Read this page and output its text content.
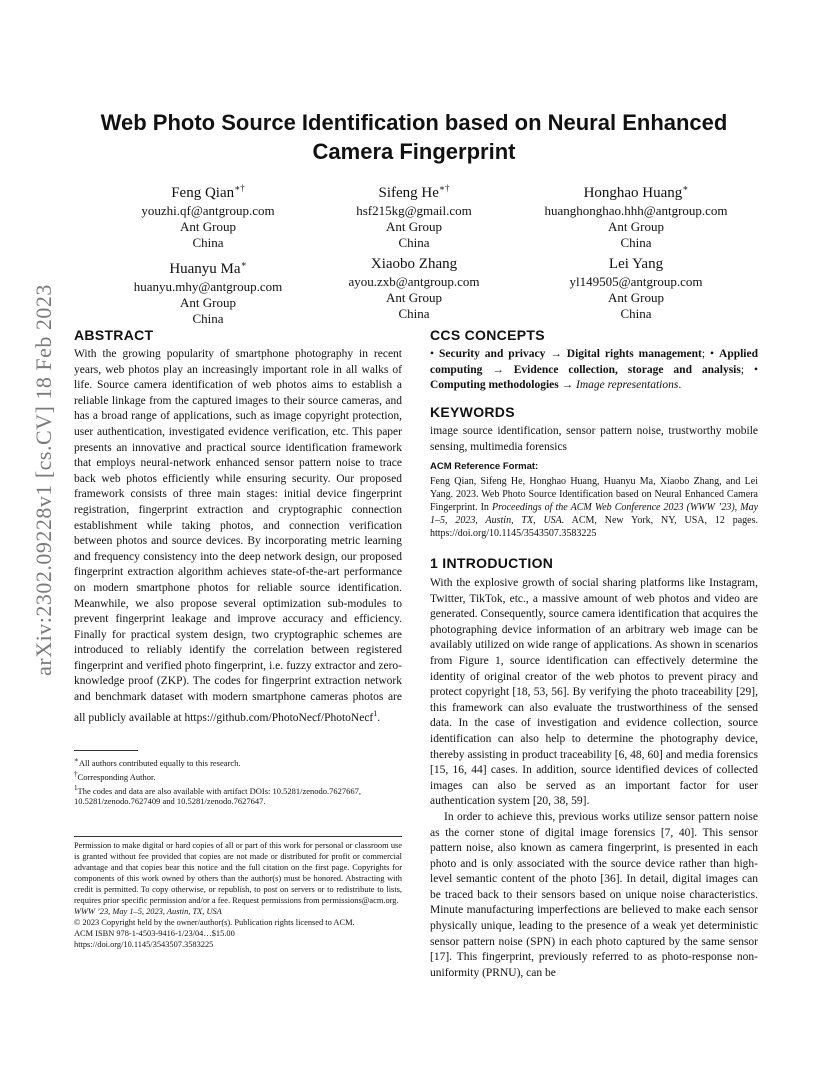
arXiv:2302.09228v1 [cs.CV] 18 Feb 2023
Web Photo Source Identification based on Neural Enhanced
Camera Fingerprint
Feng Qian∗†
youzhi.qf@antgroup.com
Ant Group
China
Sifeng He∗†
hsf215kg@gmail.com
Ant Group
China
Honghao Huang∗
huanghonghao.hhh@antgroup.com
Ant Group
China
Huanyu Ma∗
huanyu.mhy@antgroup.com
Ant Group
China
Xiaobo Zhang
ayou.zxb@antgroup.com
Ant Group
China
Lei Yang
yl149505@antgroup.com
Ant Group
China
ABSTRACT

With the growing popularity of smartphone photography in recent years, web photos play an increasingly important role in all walks of life. Source camera identification of web photos aims to establish a reliable linkage from the captured images to their source cameras, and has a broad range of applications, such as image copyright protection, user authentication, investigated evidence verification, etc. This paper presents an innovative and practical source identification framework that employs neural-network enhanced sensor pattern noise to trace back web photos efficiently while ensuring security. Our proposed framework consists of three main stages: initial device fingerprint registration, fingerprint extraction and cryptographic connection establishment while taking photos, and connection verification between photos and source devices. By incorporating metric learning and frequency consistency into the deep network design, our proposed fingerprint extraction algorithm achieves state-of-the-art performance on modern smartphone photos for reliable source identification. Meanwhile, we also propose several optimization sub-modules to prevent fingerprint leakage and improve accuracy and efficiency. Finally for practical system design, two cryptographic schemes are introduced to reliably identify the correlation between registered fingerprint and verified photo fingerprint, i.e. fuzzy extractor and zero-knowledge proof (ZKP). The codes for fingerprint extraction network and benchmark dataset with modern smartphone cameras photos are all publicly available at https://github.com/PhotoNecf/PhotoNecf$^1$.

∗All authors contributed equally to this research.
†Corresponding Author.
$^1$The codes and data are also available with artifact DOIs: 10.5281/zenodo.7627667, 10.5281/zenodo.7627409 and 10.5281/zenodo.7627647.

Permission to make digital or hard copies of all or part of this work for personal or classroom use is granted without fee provided that copies are not made or distributed for profit or commercial advantage and that copies bear this notice and the full citation on the first page. Copyrights for components of this work owned by others than the author(s) must be honored. Abstracting with credit is permitted. To copy otherwise, or republish, to post on servers or to redistribute to lists, requires prior specific permission and/or a fee. Request permissions from permissions@acm.org.

WWW ’23, May 1–5, 2023, Austin, TX, USA

© 2023 Copyright held by the owner/author(s). Publication rights licensed to ACM.

ACM ISBN 978-1-4503-9416-1/23/04…$15.00

https://doi.org/10.1145/3543507.3583225

CCS CONCEPTS

• Security and privacy → Digital rights management; • Applied computing → Evidence collection, storage and analysis; • Computing methodologies → Image representations.

KEYWORDS
image source identification, sensor pattern noise, trustworthy mobile sensing, multimedia forensics
ACM Reference Format:
Feng Qian, Sifeng He, Honghao Huang, Huanyu Ma, Xiaobo Zhang, and Lei Yang. 2023. Web Photo Source Identification based on Neural Enhanced Camera Fingerprint. In Proceedings of the ACM Web Conference 2023 (WWW ’23), May 1–5, 2023, Austin, TX, USA. ACM, New York, NY, USA, 12 pages. https://doi.org/10.1145/3543507.3583225
1 INTRODUCTION

With the explosive growth of social sharing platforms like Instagram, Twitter, TikTok, etc., a massive amount of web photos and video are generated. Consequently, source camera identification that acquires the photographing device information of an arbitrary web image can be availably utilized on wide range of applications. As shown in scenarios from Figure 1, source identification can effectively determine the identity of original creator of the web photos to prevent piracy and protect copyright [18, 53, 56]. By verifying the photo traceability [29], this framework can also evaluate the trustworthiness of the sensed data. In the case of investigation and evidence collection, source identification can also help to determine the photography device, thereby assisting in product traceability [6, 48, 60] and media forensics [15, 16, 44] cases. In addition, source identified devices of collected images can also be served as an important factor for user authentication system [20, 38, 59].

In order to achieve this, previous works utilize sensor pattern noise as the corner stone of digital image forensics [7, 40]. This sensor pattern noise, also known as camera fingerprint, is presented in each photo and is only associated with the source device rather than high-level semantic content of the photo [36]. In detail, digital images can be traced back to their sensors based on unique noise characteristics. Minute manufacturing imperfections are believed to make each sensor physically unique, leading to the presence of a weak yet deterministic sensor pattern noise (SPN) in each photo captured by the same sensor [17]. This fingerprint, previously referred to as photo-response non-uniformity (PRNU), can be
